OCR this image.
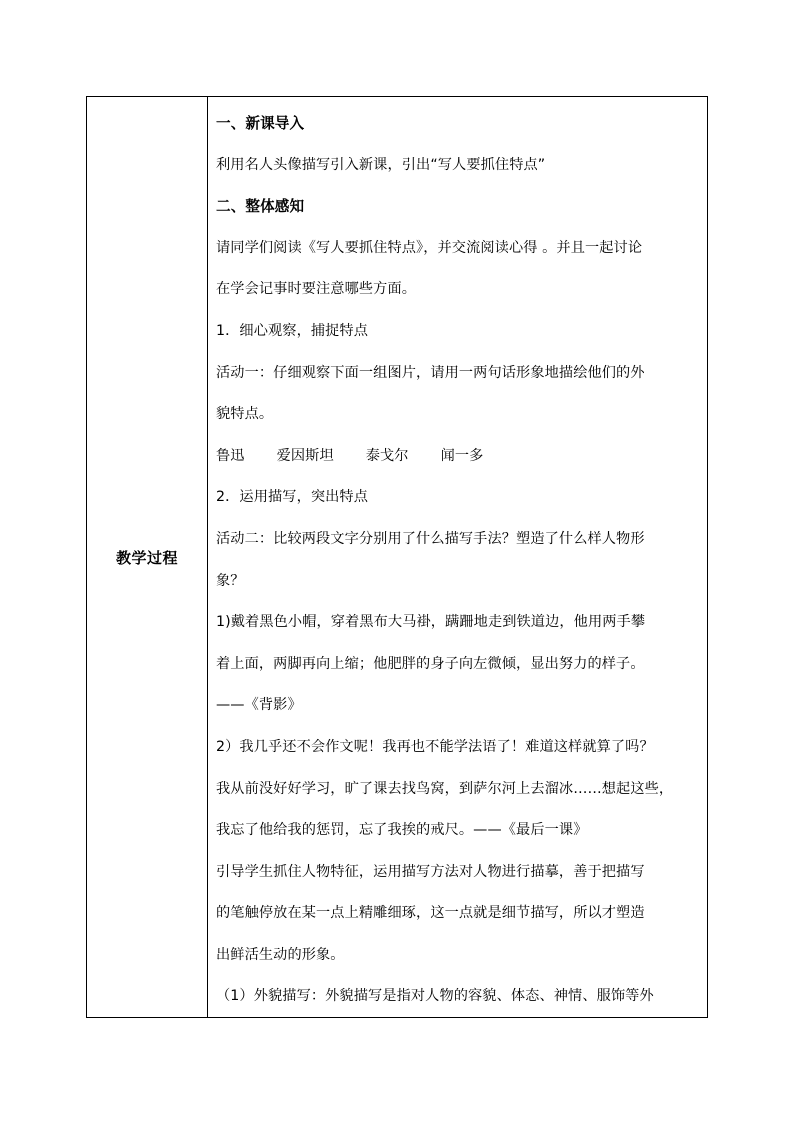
教学过程
一、新课导入
利用名人头像描写引入新课，引出“写人要抓住特点”
二、整体感知
请同学们阅读《写人要抓住特点》，并交流阅读心得 。并且一起讨论
在学会记事时要注意哪些方面。
1．细心观察，捕捉特点
活动一：仔细观察下面一组图片，请用一两句话形象地描绘他们的外
貌特点。
鲁迅 爱因斯坦 泰戈尔 闻一多
2．运用描写，突出特点
活动二：比较两段文字分别用了什么描写手法？塑造了什么样人物形
象？
1)戴着黑色小帽，穿着黑布大马褂，蹒跚地走到铁道边，他用两手攀
着上面，两脚再向上缩；他肥胖的身子向左微倾，显出努力的样子。
——《背影》
2）我几乎还不会作文呢！我再也不能学法语了！难道这样就算了吗？
我从前没好好学习，旷了课去找鸟窝，到萨尔河上去溜冰……想起这些，
我忘了他给我的惩罚，忘了我挨的戒尺。——《最后一课》
引导学生抓住人物特征，运用描写方法对人物进行描摹，善于把描写
的笔触停放在某一点上精雕细琢，这一点就是细节描写，所以才塑造
出鲜活生动的形象。
（1）外貌描写：外貌描写是指对人物的容貌、体态、神情、服饰等外
